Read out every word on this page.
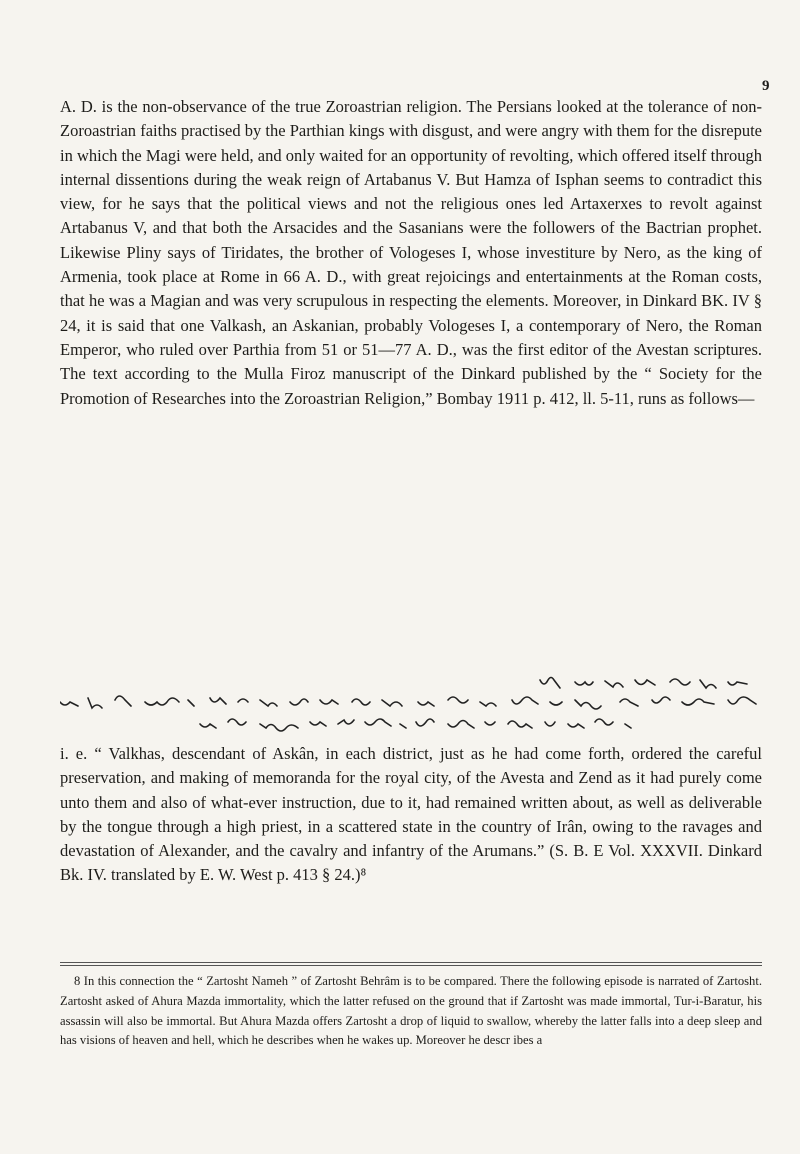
9

A. D. is the non-observance of the true Zoroastrian religion. The Persians looked at the tolerance of non-Zoroastrian faiths practised by the Parthian kings with disgust, and were angry with them for the disrepute in which the Magi were held, and only waited for an opportunity of revolting, which offered itself through internal dissentions during the weak reign of Artabanus V. But Hamza of Isphan seems to contradict this view, for he says that the political views and not the religious ones led Artaxerxes to revolt against Artabanus V, and that both the Arsacides and the Sasanians were the followers of the Bactrian prophet. Likewise Pliny says of Tiridates, the brother of Vologeses I, whose investiture by Nero, as the king of Armenia, took place at Rome in 66 A. D., with great rejoicings and entertainments at the Roman costs, that he was a Magian and was very scrupulous in respecting the elements. Moreover, in Dinkard BK. IV § 24, it is said that one Valkash, an Askanian, probably Vologeses I, a contemporary of Nero, the Roman Emperor, who ruled over Parthia from 51 or 51—77 A. D., was the first editor of the Avestan scriptures. The text according to the Mulla Firoz manuscript of the Dinkard published by the “ Society for the Promotion of Researches into the Zoroastrian Religion,” Bombay 1911 p. 412, ll. 5-11, runs as follows—

i. e. “ Valkhas, descendant of Askân, in each district, just as he had come forth, ordered the careful preservation, and making of memoranda for the royal city, of the Avesta and Zend as it had purely come unto them and also of what-ever instruction, due to it, had remained written about, as well as deliverable by the tongue through a high priest, in a scattered state in the country of Irân, owing to the ravages and devastation of Alexander, and the cavalry and infantry of the Arumans.” (S. B. E Vol. XXXVII. Dinkard Bk. IV. translated by E. W. West p. 413 § 24.)⁸

8 In this connection the “ Zartosht Nameh ” of Zartosht Behrâm is to be compared. There the following episode is narrated of Zartosht. Zartosht asked of Ahura Mazda immortality, which the latter refused on the ground that if Zartosht was made immortal, Tur-i-Baratur, his assassin will also be immortal. But Ahura Mazda offers Zartosht a drop of liquid to swallow, whereby the latter falls into a deep sleep and has visions of heaven and hell, which he describes when he wakes up. Moreover he descr ibes a
